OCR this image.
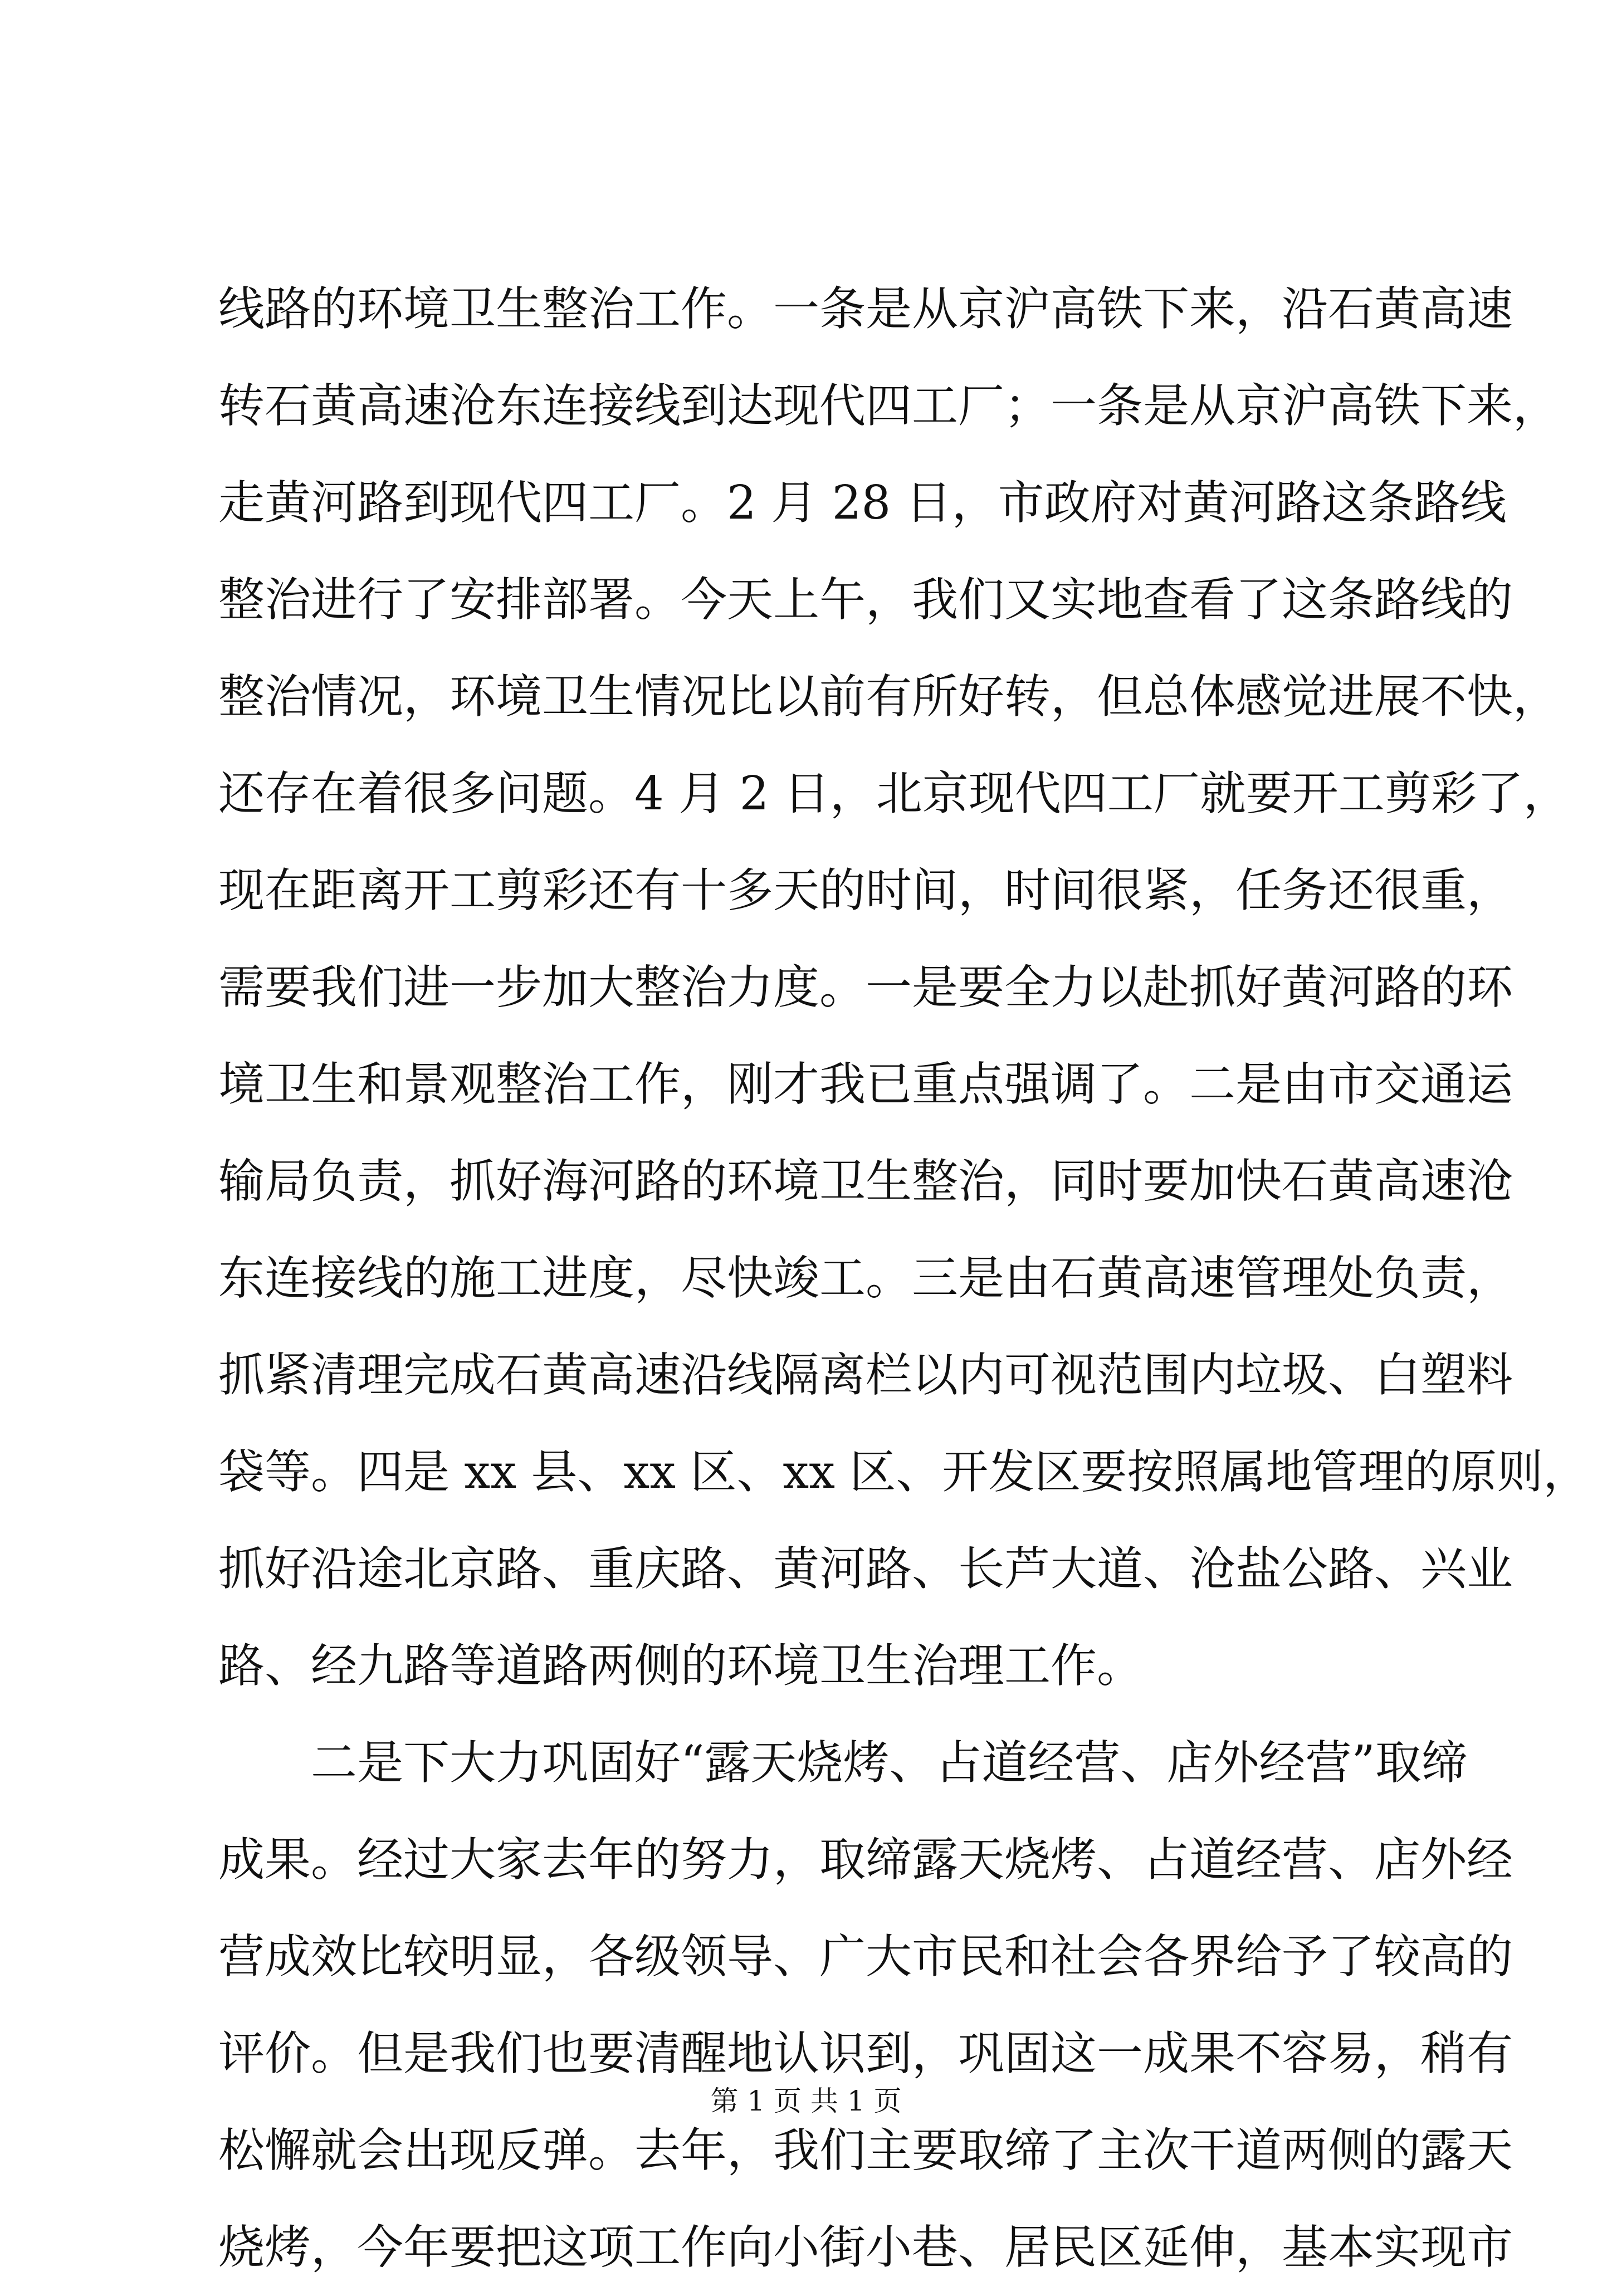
线路的环境卫生整治工作。一条是从京沪高铁下来，沿石黄高速
转石黄高速沧东连接线到达现代四工厂；一条是从京沪高铁下来，
走黄河路到现代四工厂。2 月 28 日，市政府对黄河路这条路线
整治进行了安排部署。今天上午，我们又实地查看了这条路线的
整治情况，环境卫生情况比以前有所好转，但总体感觉进展不快，
还存在着很多问题。4 月 2 日，北京现代四工厂就要开工剪彩了，
现在距离开工剪彩还有十多天的时间，时间很紧，任务还很重，
需要我们进一步加大整治力度。一是要全力以赴抓好黄河路的环
境卫生和景观整治工作，刚才我已重点强调了。二是由市交通运
输局负责，抓好海河路的环境卫生整治，同时要加快石黄高速沧
东连接线的施工进度，尽快竣工。三是由石黄高速管理处负责，
抓紧清理完成石黄高速沿线隔离栏以内可视范围内垃圾、白塑料
袋等。四是 xx 县、xx 区、xx 区、开发区要按照属地管理的原则，
抓好沿途北京路、重庆路、黄河路、长芦大道、沧盐公路、兴业
路、经九路等道路两侧的环境卫生治理工作。
二是下大力巩固好“露天烧烤、占道经营、店外经营”取缔
成果。经过大家去年的努力，取缔露天烧烤、占道经营、店外经
营成效比较明显，各级领导、广大市民和社会各界给予了较高的
评价。但是我们也要清醒地认识到，巩固这一成果不容易，稍有
松懈就会出现反弹。去年，我们主要取缔了主次干道两侧的露天
烧烤，今年要把这项工作向小街小巷、居民区延伸，基本实现市
第 1 页 共 1 页
